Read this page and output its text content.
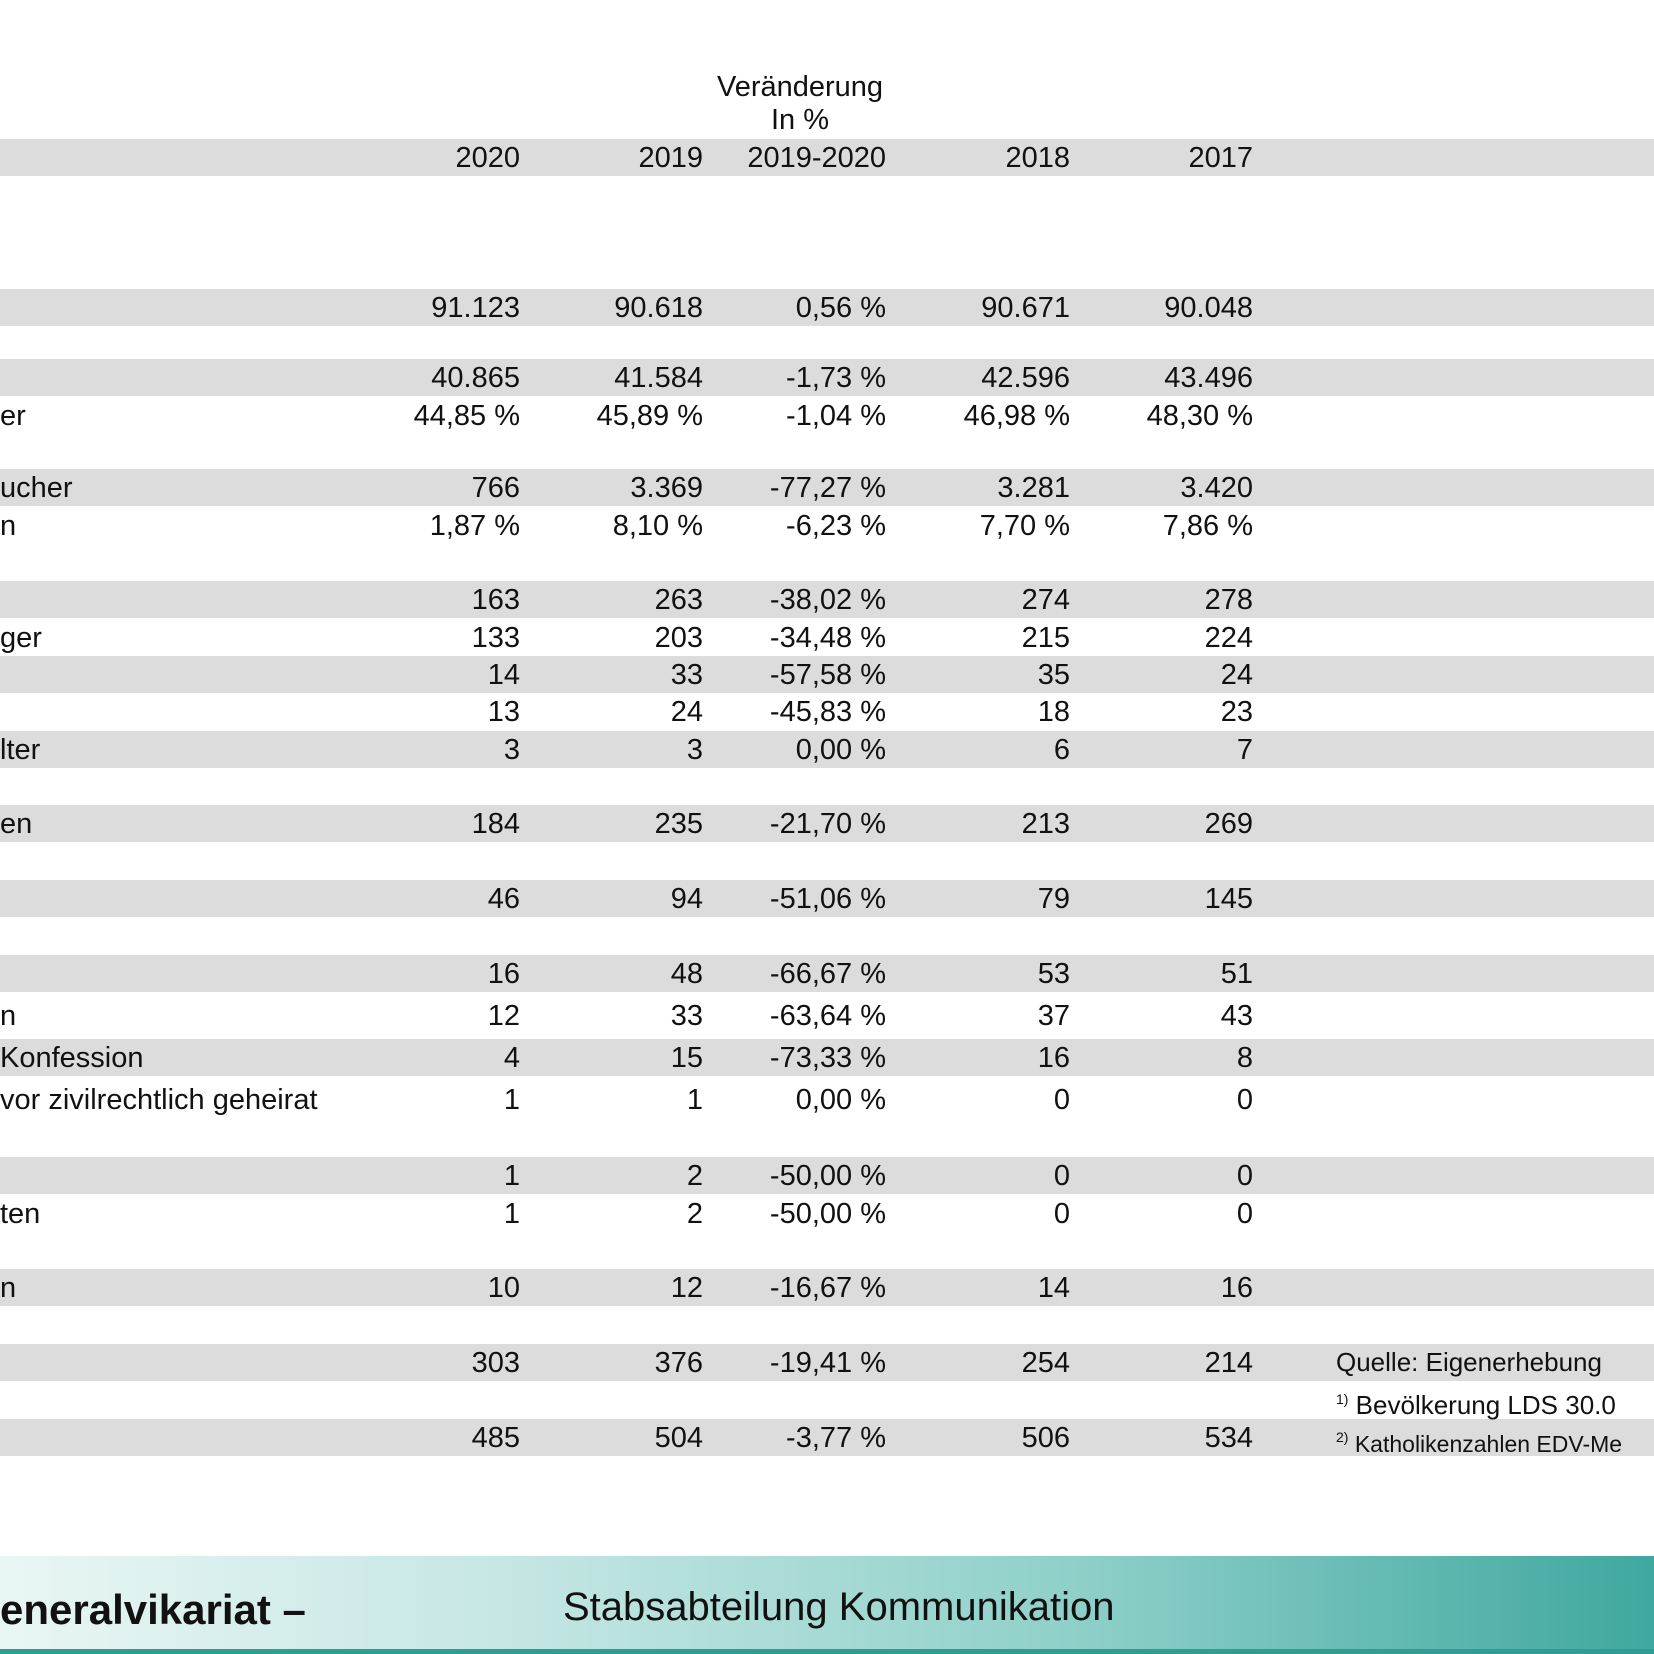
Veränderung
In %
2020	2019	2019-2020	2018	2017
91.123	90.618	0,56 %	90.671	90.048
40.865	41.584	-1,73 %	42.596	43.496
er	44,85 %	45,89 %	-1,04 %	46,98 %	48,30 %
ucher	766	3.369	-77,27 %	3.281	3.420
n	1,87 %	8,10 %	-6,23 %	7,70 %	7,86 %
163	263	-38,02 %	274	278
ger	133	203	-34,48 %	215	224
14	33	-57,58 %	35	24
13	24	-45,83 %	18	23
lter	3	3	0,00 %	6	7
en	184	235	-21,70 %	213	269
46	94	-51,06 %	79	145
16	48	-66,67 %	53	51
n	12	33	-63,64 %	37	43
Konfession	4	15	-73,33 %	16	8
vor zivilrechtlich geheirat	1	1	0,00 %	0	0
1	2	-50,00 %	0	0
ten	1	2	-50,00 %	0	0
n	10	12	-16,67 %	14	16
303	376	-19,41 %	254	214
485	504	-3,77 %	506	534
Quelle: Eigenerhebung
$^{1)}$ Bevölkerung LDS 30.0
$^{2)}$ Katholikenzahlen EDV-Me
eneralvikariat –	Stabsabteilung Kommunikation
